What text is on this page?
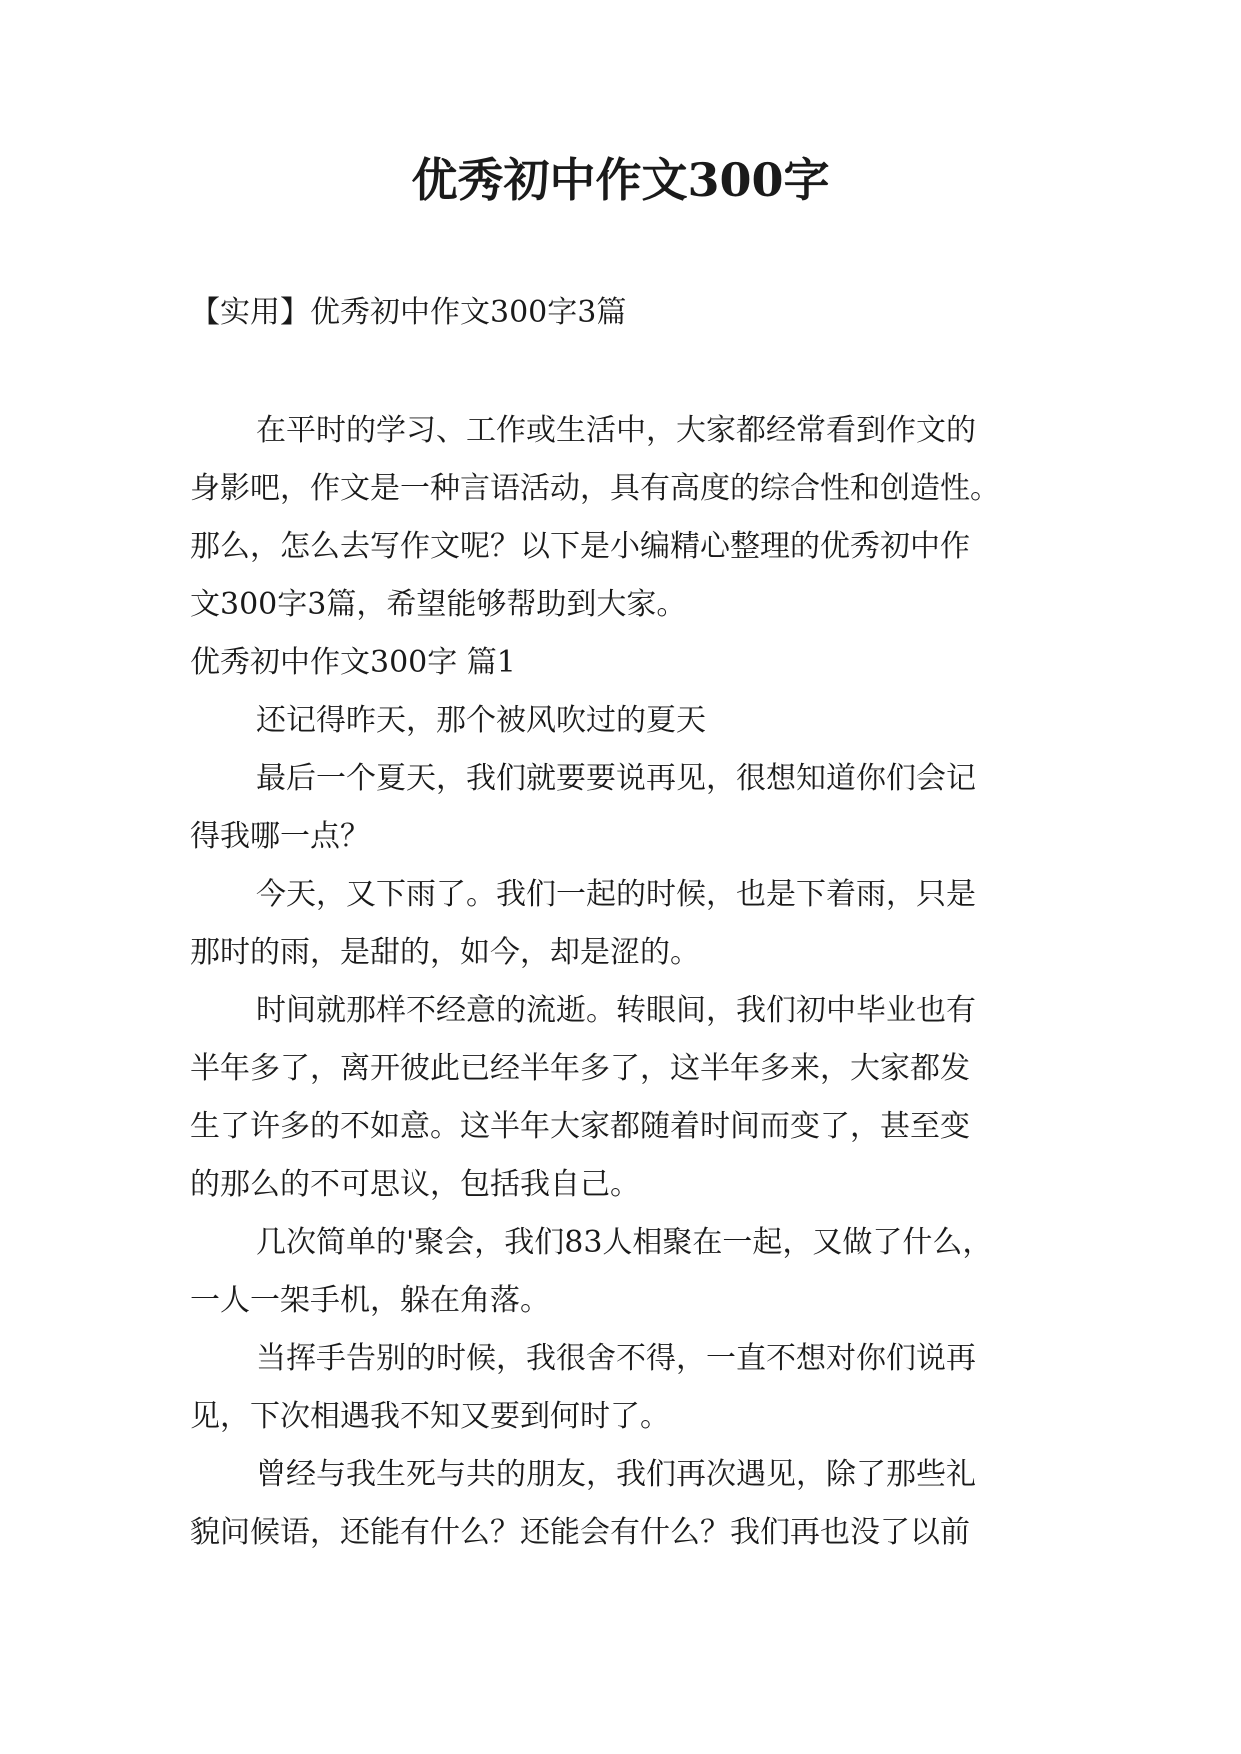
优秀初中作文300字
【实用】优秀初中作文300字3篇
在平时的学习、工作或生活中，大家都经常看到作文的
身影吧，作文是一种言语活动，具有高度的综合性和创造性。
那么，怎么去写作文呢？以下是小编精心整理的优秀初中作
文300字3篇，希望能够帮助到大家。
优秀初中作文300字 篇1
还记得昨天，那个被风吹过的夏天
最后一个夏天，我们就要要说再见，很想知道你们会记
得我哪一点？
今天，又下雨了。我们一起的时候，也是下着雨，只是
那时的雨，是甜的，如今，却是涩的。
时间就那样不经意的流逝。转眼间，我们初中毕业也有
半年多了，离开彼此已经半年多了，这半年多来，大家都发
生了许多的不如意。这半年大家都随着时间而变了，甚至变
的那么的不可思议，包括我自己。
几次简单的'聚会，我们83人相聚在一起，又做了什么，
一人一架手机，躲在角落。
当挥手告别的时候，我很舍不得，一直不想对你们说再
见，下次相遇我不知又要到何时了。
曾经与我生死与共的朋友，我们再次遇见，除了那些礼
貌问候语，还能有什么？还能会有什么？我们再也没了以前
